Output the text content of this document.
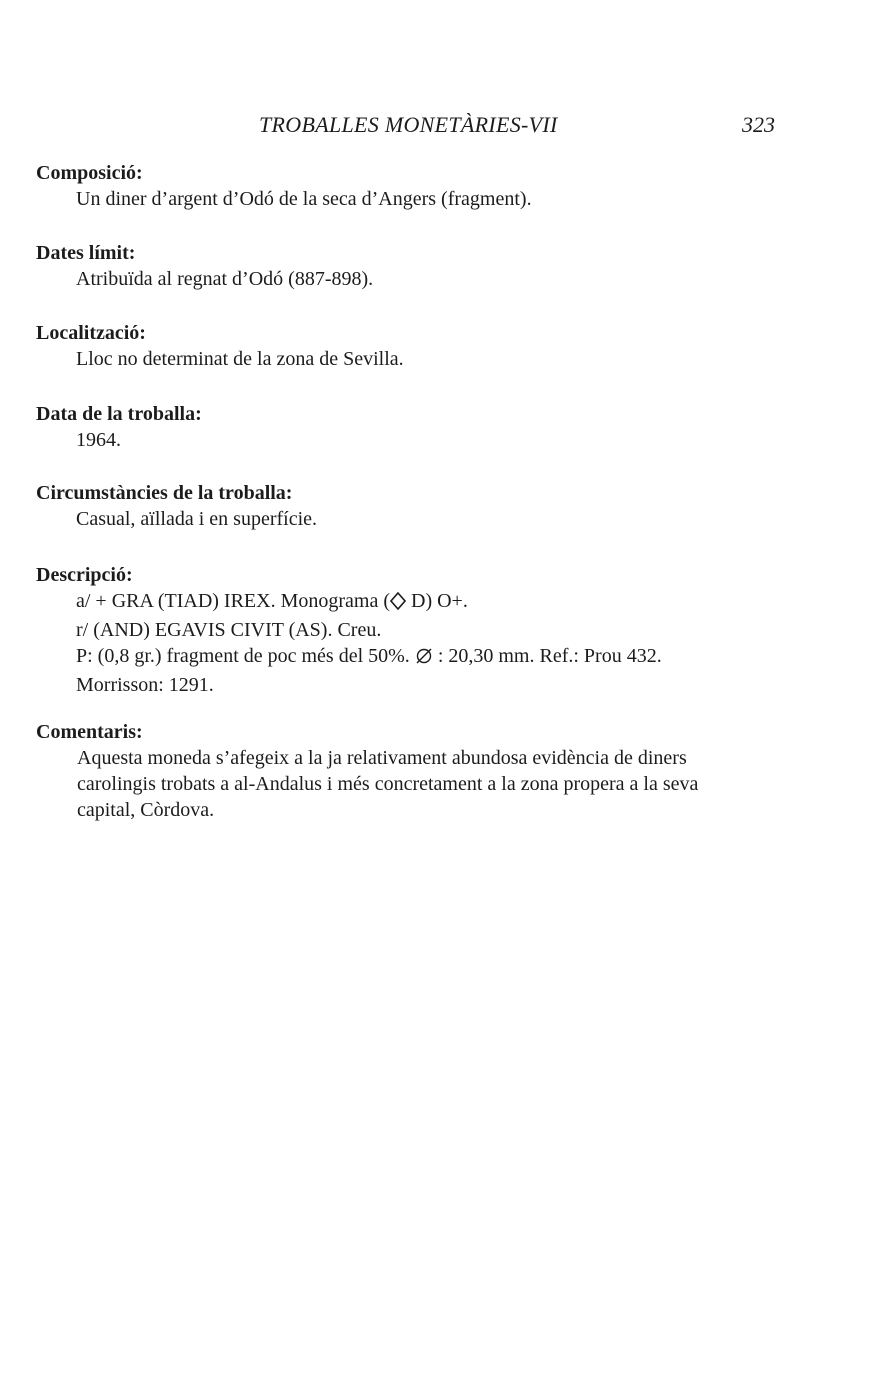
TROBALLES MONETÀRIES-VII	323

Composició:

Un diner d’argent d’Odó de la seca d’Angers (fragment).

Dates límit:

Atribuïda al regnat d’Odó (887-898).

Localització:

Lloc no determinat de la zona de Sevilla.

Data de la troballa:

1964.

Circumstàncies de la troballa:

Casual, aïllada i en superfície.

Descripció:

a/ + GRA (TIAD) IREX. Monograma ( D) O+.

r/ (AND) EGAVIS CIVIT (AS). Creu.

P: (0,8 gr.) fragment de poc més del 50%.  : 20,30 mm. Ref.: Prou 432.

Morrisson: 1291.

Comentaris:

Aquesta moneda s’afegeix a la ja relativament abundosa evidència de diners

carolingis trobats a al-Andalus i més concretament a la zona propera a la seva

capital, Còrdova.
